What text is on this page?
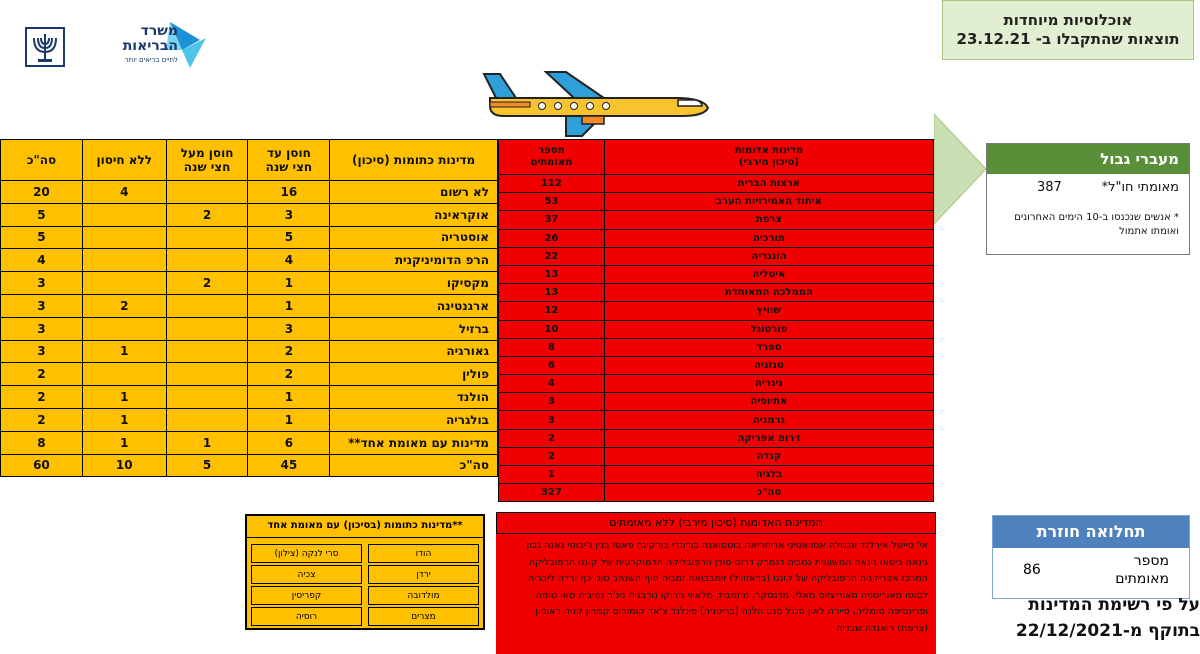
משרד
הבריאות
לחיים בריאים יותר
אוכלוסיות מיוחדות
תוצאות שהתקבלו ב- 23.12.21
מדינות כתומות (סיכון)	חוסן עד
חצי שנה	חוסן מעל
חצי שנה	ללא חיסון	סה"כ
לא רשום	16		4	20
אוקראינה	3	2		5
אוסטריה	5			5
הרפ הדומיניקנית	4			4
מקסיקו	1	2		3
ארגנטינה	1		2	3
ברזיל	3			3
גאורגיה	2		1	3
פולין	2			2
הולנד	1		1	2
בולגריה	1		1	2
מדינות עם מאומת אחד**	6	1	1	8
סה"כ	45	5	10	60
מדינות אדומות
(סיכון מירבי)	מספר
מאומתים
ארצות הברית	112
איחוד האמירויות הערב	53
צרפת	37
תורכיה	26
הונגריה	22
איטליה	13
הממלכה המאוחדת	13
שוויץ	12
פורטוגל	10
ספרד	8
טנזניה	6
ניגריה	4
אתיופיה	3
גרמניה	3
דרום אפריקה	2
קנדה	2
בלגיה	1
סה"כ	327
מעברי גבול
מאומתי חו"ל*
387
* אנשים שנכנסו ב-10 הימים האחרונים ואומתו אתמול
**מדינות כתומות (בסיכון) עם מאומת אחד
הודו
סרי לנקה (צילון)
ירדן
צכיה
מולדובה
קפריסין
מצרים
רוסיה
המדינות האדומות (סיכון מירבי) ללא מאומתים
אי' סיישל אירלנד אנגולה אסוואטיני אריתריאה בוטסואנה בורונדי בורקינה פאסו בנין ג'יבוטי גאנה גבון גינאה ביסאו גינאה המשוונית גמביה דנמרק דרום סודן הרפובליקה הדמוקרטית של קונגו הרפובליקה המרכז אפריקנית הרפובליקה של קונגו (בראזוויל) זימבבואה זמביה חוף השנהב טוגו כף ורדה ליבריה לסוטו מאוריטניה מאוריציוס מאלי, מדגסקר, מוזמביק מלאווי מרוקו נורבגיה ניג'ר נמיביה סאו טומה ופרינסיפה סומליה, סיירה לאון סנגל סנט הלנה (בריטניה) פינלנד צ'אד קומורוס קמרון קניה ראוניון (צרפת) רואנדה שבדיה
תחלואה חוזרת
מספר מאומתים
86
על פי רשימת המדינות
בתוקף מ-22/12/2021
